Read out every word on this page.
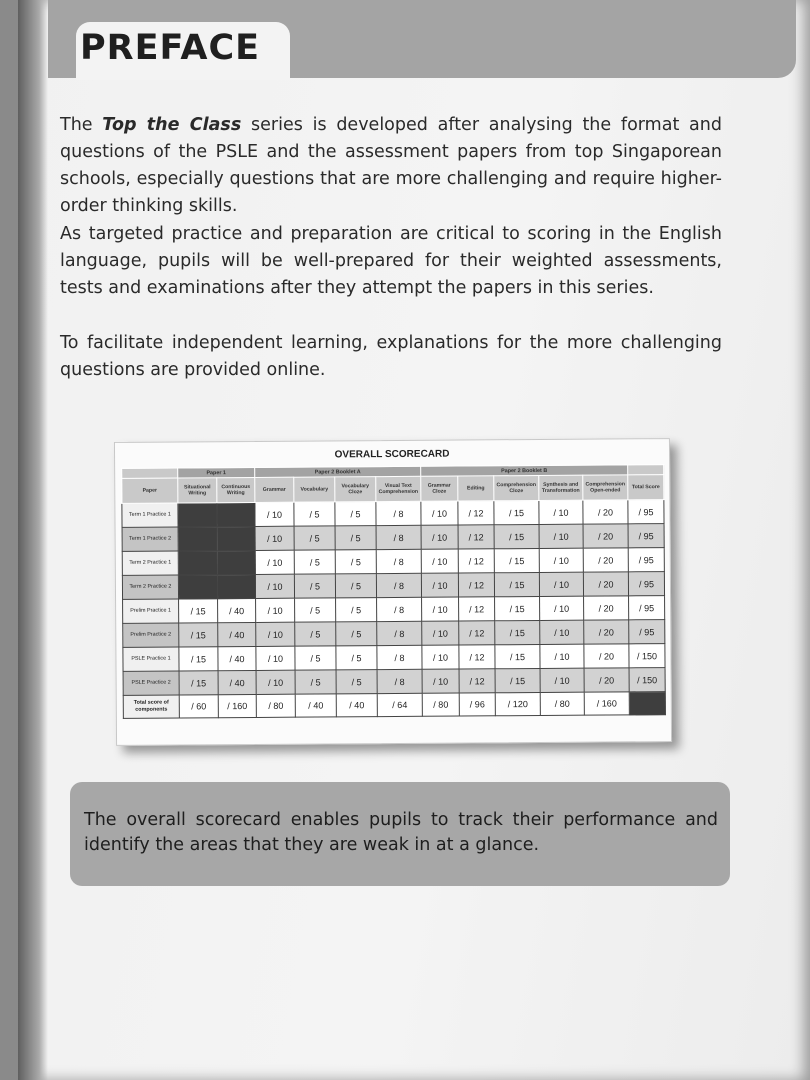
PREFACE

The Top the Class series is developed after analysing the format and questions of the PSLE and the assessment papers from top Singaporean schools, especially questions that are more challenging and require higher-order thinking skills.

As targeted practice and preparation are critical to scoring in the English language, pupils will be well-prepared for their weighted assessments, tests and examinations after they attempt the papers in this series.

To facilitate independent learning, explanations for the more challenging questions are provided online.

OVERALL SCORECARD
	Paper 1		Paper 2 Booklet A				Paper 2 Booklet B					
Paper	Situational Writing	Continuous Writing	Grammar	Vocabulary	Vocabulary Cloze	Visual Text Comprehension	Grammar Cloze	Editing	Comprehension Cloze	Synthesis and Transformation	Comprehension Open-ended	Total Score
Term 1 Practice 1			/ 10	/ 5	/ 5	/ 8	/ 10	/ 12	/ 15	/ 10	/ 20	/ 95
Term 1 Practice 2			/ 10	/ 5	/ 5	/ 8	/ 10	/ 12	/ 15	/ 10	/ 20	/ 95
Term 2 Practice 1			/ 10	/ 5	/ 5	/ 8	/ 10	/ 12	/ 15	/ 10	/ 20	/ 95
Term 2 Practice 2			/ 10	/ 5	/ 5	/ 8	/ 10	/ 12	/ 15	/ 10	/ 20	/ 95
Prelim Practice 1	/ 15	/ 40	/ 10	/ 5	/ 5	/ 8	/ 10	/ 12	/ 15	/ 10	/ 20	/ 95
Prelim Practice 2	/ 15	/ 40	/ 10	/ 5	/ 5	/ 8	/ 10	/ 12	/ 15	/ 10	/ 20	/ 95
PSLE Practice 1	/ 15	/ 40	/ 10	/ 5	/ 5	/ 8	/ 10	/ 12	/ 15	/ 10	/ 20	/ 150
PSLE Practice 2	/ 15	/ 40	/ 10	/ 5	/ 5	/ 8	/ 10	/ 12	/ 15	/ 10	/ 20	/ 150
Total score of components	/ 60	/ 160	/ 80	/ 40	/ 40	/ 64	/ 80	/ 96	/ 120	/ 80	/ 160	

The overall scorecard enables pupils to track their performance and identify the areas that they are weak in at a glance.
